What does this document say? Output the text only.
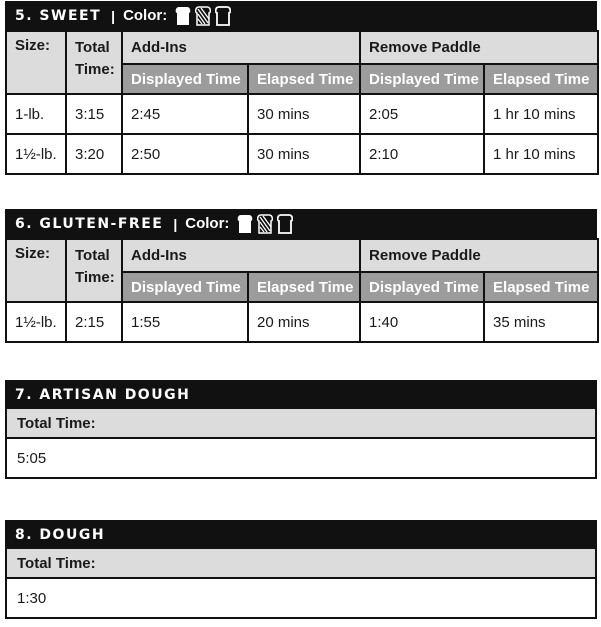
5. SWEET | Color:
Size:	Total Time:	Add-Ins		Remove Paddle	
		Displayed Time	Elapsed Time	Displayed Time	Elapsed Time
1-lb.	3:15	2:45	30 mins	2:05	1 hr 10 mins
1½-lb.	3:20	2:50	30 mins	2:10	1 hr 10 mins
6. GLUTEN-FREE | Color:
Size:	Total Time:	Add-Ins		Remove Paddle	
		Displayed Time	Elapsed Time	Displayed Time	Elapsed Time
1½-lb.	2:15	1:55	20 mins	1:40	35 mins
7. ARTISAN DOUGH
Total Time:
5:05
8. DOUGH
Total Time:
1:30
